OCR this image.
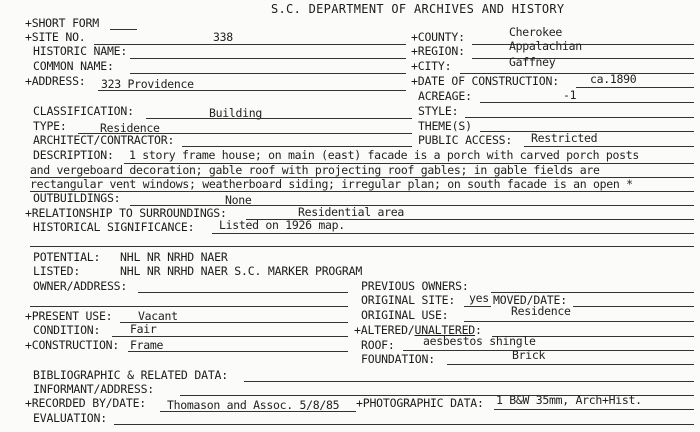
S.C. DEPARTMENT OF ARCHIVES AND HISTORY
+SHORT FORM
+SITE NO.	338
HISTORIC NAME:
COMMON NAME:
+ADDRESS: 323 Providence
+COUNTY:	Cherokee
+REGION:	Appalachian
+CITY:	Gaffney
+DATE OF CONSTRUCTION:	ca.1890
ACREAGE:	-1
CLASSIFICATION:	Building	STYLE:
TYPE:	Residence	THEME(S)
ARCHITECT/CONTRACTOR:	PUBLIC ACCESS: Restricted
DESCRIPTION: 1 story frame house; on main (east) facade is a porch with carved porch posts
and vergeboard decoration; gable roof with projecting roof gables; in gable fields are
rectangular vent windows; weatherboard siding; irregular plan; on south facade is an open *
OUTBUILDINGS:	None
+RELATIONSHIP TO SURROUNDINGS:	Residential area
HISTORICAL SIGNIFICANCE: Listed on 1926 map.
POTENTIAL: NHL NR NRHD NAER
LISTED:	NHL NR NRHD NAER S.C. MARKER PROGRAM
OWNER/ADDRESS:	PREVIOUS OWNERS:
ORIGINAL SITE: yes MOVED/DATE:
+PRESENT USE: Vacant	ORIGINAL USE:	Residence
CONDITION:	Fair	+ALTERED/UNALTERED:
+CONSTRUCTION: Frame	ROOF: aesbestos shingle
FOUNDATION:	Brick
BIBLIOGRAPHIC & RELATED DATA:
INFORMANT/ADDRESS:
+RECORDED BY/DATE: Thomason and Assoc. 5/8/85 +PHOTOGRAPHIC DATA: 1 B&W 35mm, Arch+Hist.
EVALUATION:
